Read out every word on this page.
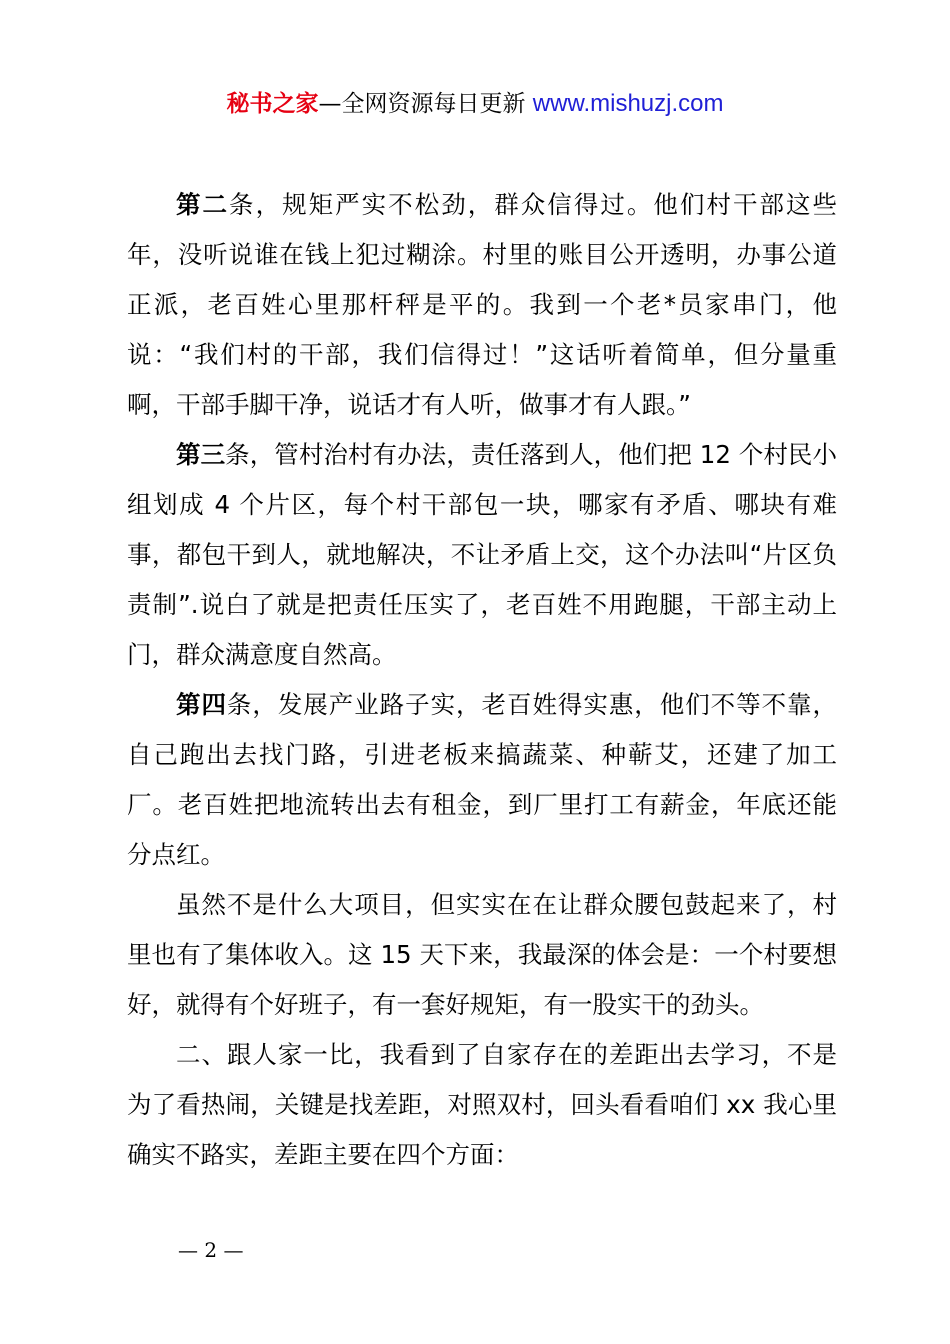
秘书之家—全网资源每日更新 www.mishuzj.com

第二条，规矩严实不松劲，群众信得过。他们村干部这些年，没听说谁在钱上犯过糊涂。村里的账目公开透明，办事公道正派，老百姓心里那杆秤是平的。我到一个老*员家串门，他说：“我们村的干部，我们信得过！”这话听着简单，但分量重啊，干部手脚干净，说话才有人听，做事才有人跟。”

第三条，管村治村有办法，责任落到人，他们把 12 个村民小组划成 4 个片区，每个村干部包一块，哪家有矛盾、哪块有难事，都包干到人，就地解决，不让矛盾上交，这个办法叫“片区负责制”.说白了就是把责任压实了，老百姓不用跑腿，干部主动上门，群众满意度自然高。

第四条，发展产业路子实，老百姓得实惠，他们不等不靠，自己跑出去找门路，引进老板来搞蔬菜、种蕲艾，还建了加工厂。老百姓把地流转出去有租金，到厂里打工有薪金，年底还能分点红。

虽然不是什么大项目，但实实在在让群众腰包鼓起来了，村里也有了集体收入。这 15 天下来，我最深的体会是：一个村要想好，就得有个好班子，有一套好规矩，有一股实干的劲头。

二、跟人家一比，我看到了自家存在的差距出去学习，不是为了看热闹，关键是找差距，对照双村，回头看看咱们 xx 我心里确实不路实，差距主要在四个方面：

— 2 —
